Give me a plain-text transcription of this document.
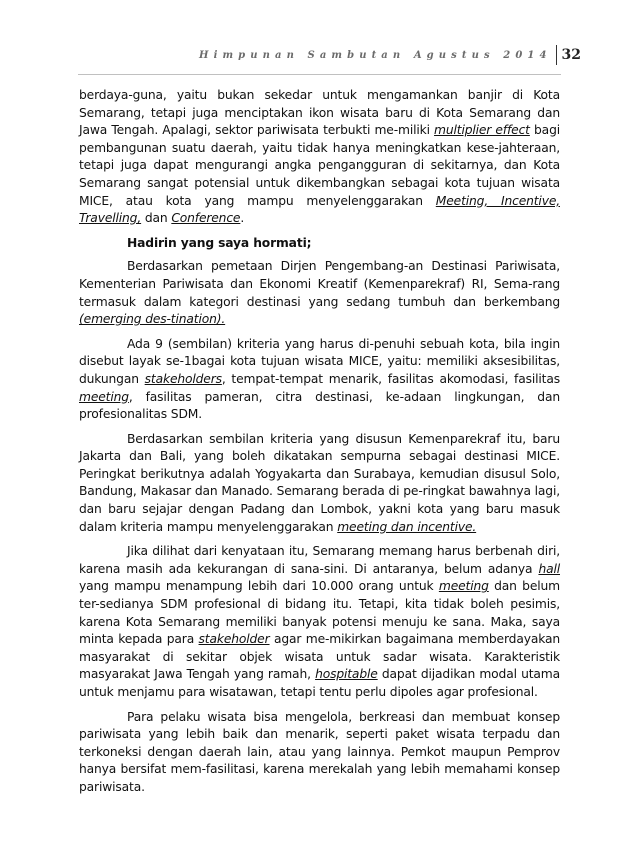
Himpunan Sambutan Agustus 2014 32

berdaya-guna, yaitu bukan sekedar untuk mengamankan banjir di Kota Semarang, tetapi juga menciptakan ikon wisata baru di Kota Semarang dan Jawa Tengah. Apalagi, sektor pariwisata terbukti me-miliki multiplier effect bagi pembangunan suatu daerah, yaitu tidak hanya meningkatkan kese-jahteraan, tetapi juga dapat mengurangi angka pengangguran di sekitarnya, dan Kota Semarang sangat potensial untuk dikembangkan sebagai kota tujuan wisata MICE, atau kota yang mampu menyelenggarakan Meeting, Incentive, Travelling, dan Conference.

Hadirin yang saya hormati;

Berdasarkan pemetaan Dirjen Pengembang-an Destinasi Pariwisata, Kementerian Pariwisata dan Ekonomi Kreatif (Kemenparekraf) RI, Sema-rang termasuk dalam kategori destinasi yang sedang tumbuh dan berkembang (emerging des-tination).

Ada 9 (sembilan) kriteria yang harus di-penuhi sebuah kota, bila ingin disebut layak se-1bagai kota tujuan wisata MICE, yaitu: memiliki aksesibilitas, dukungan stakeholders, tempat-tempat menarik, fasilitas akomodasi, fasilitas meeting, fasilitas pameran, citra destinasi, ke-adaan lingkungan, dan profesionalitas SDM.

Berdasarkan sembilan kriteria yang disusun Kemenparekraf itu, baru Jakarta dan Bali, yang boleh dikatakan sempurna sebagai destinasi MICE. Peringkat berikutnya adalah Yogyakarta dan Surabaya, kemudian disusul Solo, Bandung, Makasar dan Manado. Semarang berada di pe-ringkat bawahnya lagi, dan baru sejajar dengan Padang dan Lombok, yakni kota yang baru masuk dalam kriteria mampu menyelenggarakan meeting dan incentive.

Jika dilihat dari kenyataan itu, Semarang memang harus berbenah diri, karena masih ada kekurangan di sana-sini. Di antaranya, belum adanya hall yang mampu menampung lebih dari 10.000 orang untuk meeting dan belum ter-sedianya SDM profesional di bidang itu. Tetapi, kita tidak boleh pesimis, karena Kota Semarang memiliki banyak potensi menuju ke sana. Maka, saya minta kepada para stakeholder agar me-mikirkan bagaimana memberdayakan masyarakat di sekitar objek wisata untuk sadar wisata. Karakteristik masyarakat Jawa Tengah yang ramah, hospitable dapat dijadikan modal utama untuk menjamu para wisatawan, tetapi tentu perlu dipoles agar profesional.

Para pelaku wisata bisa mengelola, berkreasi dan membuat konsep pariwisata yang lebih baik dan menarik, seperti paket wisata terpadu dan terkoneksi dengan daerah lain, atau yang lainnya. Pemkot maupun Pemprov hanya bersifat mem-fasilitasi, karena merekalah yang lebih memahami konsep pariwisata.
